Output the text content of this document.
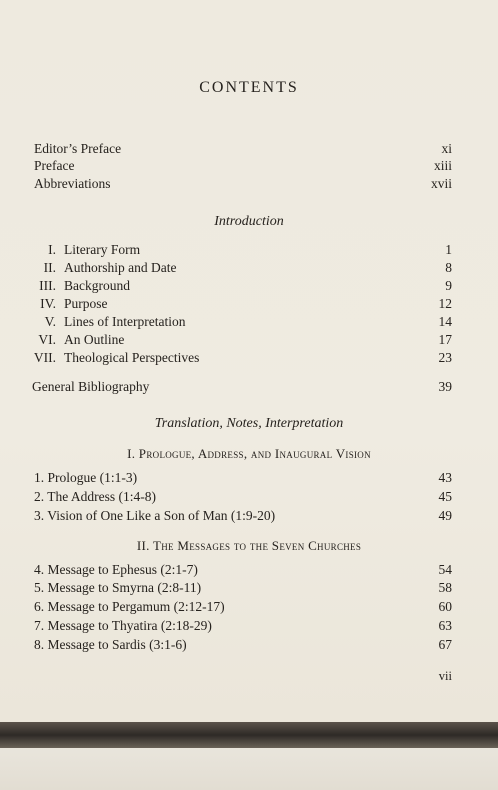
CONTENTS
Editor’s Preface	xi
Preface	xiii
Abbreviations	xvii
Introduction
I. Literary Form	1
II. Authorship and Date	8
III. Background	9
IV. Purpose	12
V. Lines of Interpretation	14
VI. An Outline	17
VII. Theological Perspectives	23
General Bibliography	39
Translation, Notes, Interpretation
I. Prologue, Address, and Inaugural Vision
1. Prologue (1:1-3)	43
2. The Address (1:4-8)	45
3. Vision of One Like a Son of Man (1:9-20)	49
II. The Messages to the Seven Churches
4. Message to Ephesus (2:1-7)	54
5. Message to Smyrna (2:8-11)	58
6. Message to Pergamum (2:12-17)	60
7. Message to Thyatira (2:18-29)	63
8. Message to Sardis (3:1-6)	67
vii
